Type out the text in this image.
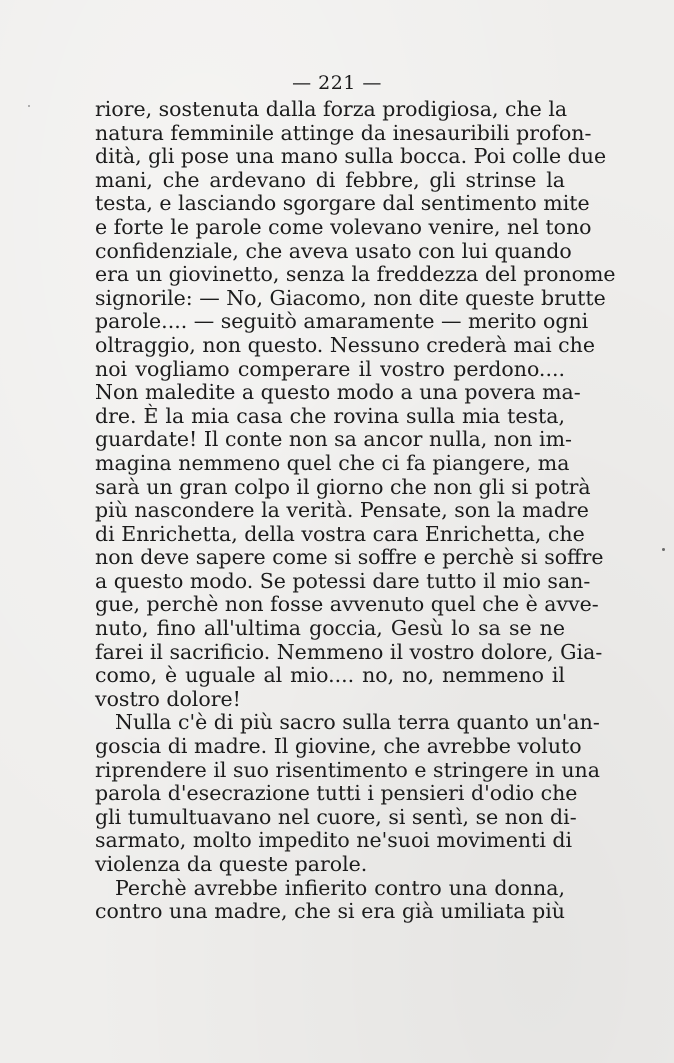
— 221 —
riore, sostenuta dalla forza prodigiosa, che la
natura femminile attinge da inesauribili profon-
dità, gli pose una mano sulla bocca. Poi colle due
mani, che ardevano di febbre, gli strinse la
testa, e lasciando sgorgare dal sentimento mite
e forte le parole come volevano venire, nel tono
confidenziale, che aveva usato con lui quando
era un giovinetto, senza la freddezza del pronome
signorile: — No, Giacomo, non dite queste brutte
parole.... — seguitò amaramente — merito ogni
oltraggio, non questo. Nessuno crederà mai che
noi vogliamo comperare il vostro perdono....
Non maledite a questo modo a una povera ma-
dre. È la mia casa che rovina sulla mia testa,
guardate! Il conte non sa ancor nulla, non im-
magina nemmeno quel che ci fa piangere, ma
sarà un gran colpo il giorno che non gli si potrà
più nascondere la verità. Pensate, son la madre
di Enrichetta, della vostra cara Enrichetta, che
non deve sapere come si soffre e perchè si soffre
a questo modo. Se potessi dare tutto il mio san-
gue, perchè non fosse avvenuto quel che è avve-
nuto, fino all'ultima goccia, Gesù lo sa se ne
farei il sacrificio. Nemmeno il vostro dolore, Gia-
como, è uguale al mio.... no, no, nemmeno il
vostro dolore!
Nulla c'è di più sacro sulla terra quanto un'an-
goscia di madre. Il giovine, che avrebbe voluto
riprendere il suo risentimento e stringere in una
parola d'esecrazione tutti i pensieri d'odio che
gli tumultuavano nel cuore, si sentì, se non di-
sarmato, molto impedito ne'suoi movimenti di
violenza da queste parole.
Perchè avrebbe infierito contro una donna,
contro una madre, che si era già umiliata più
